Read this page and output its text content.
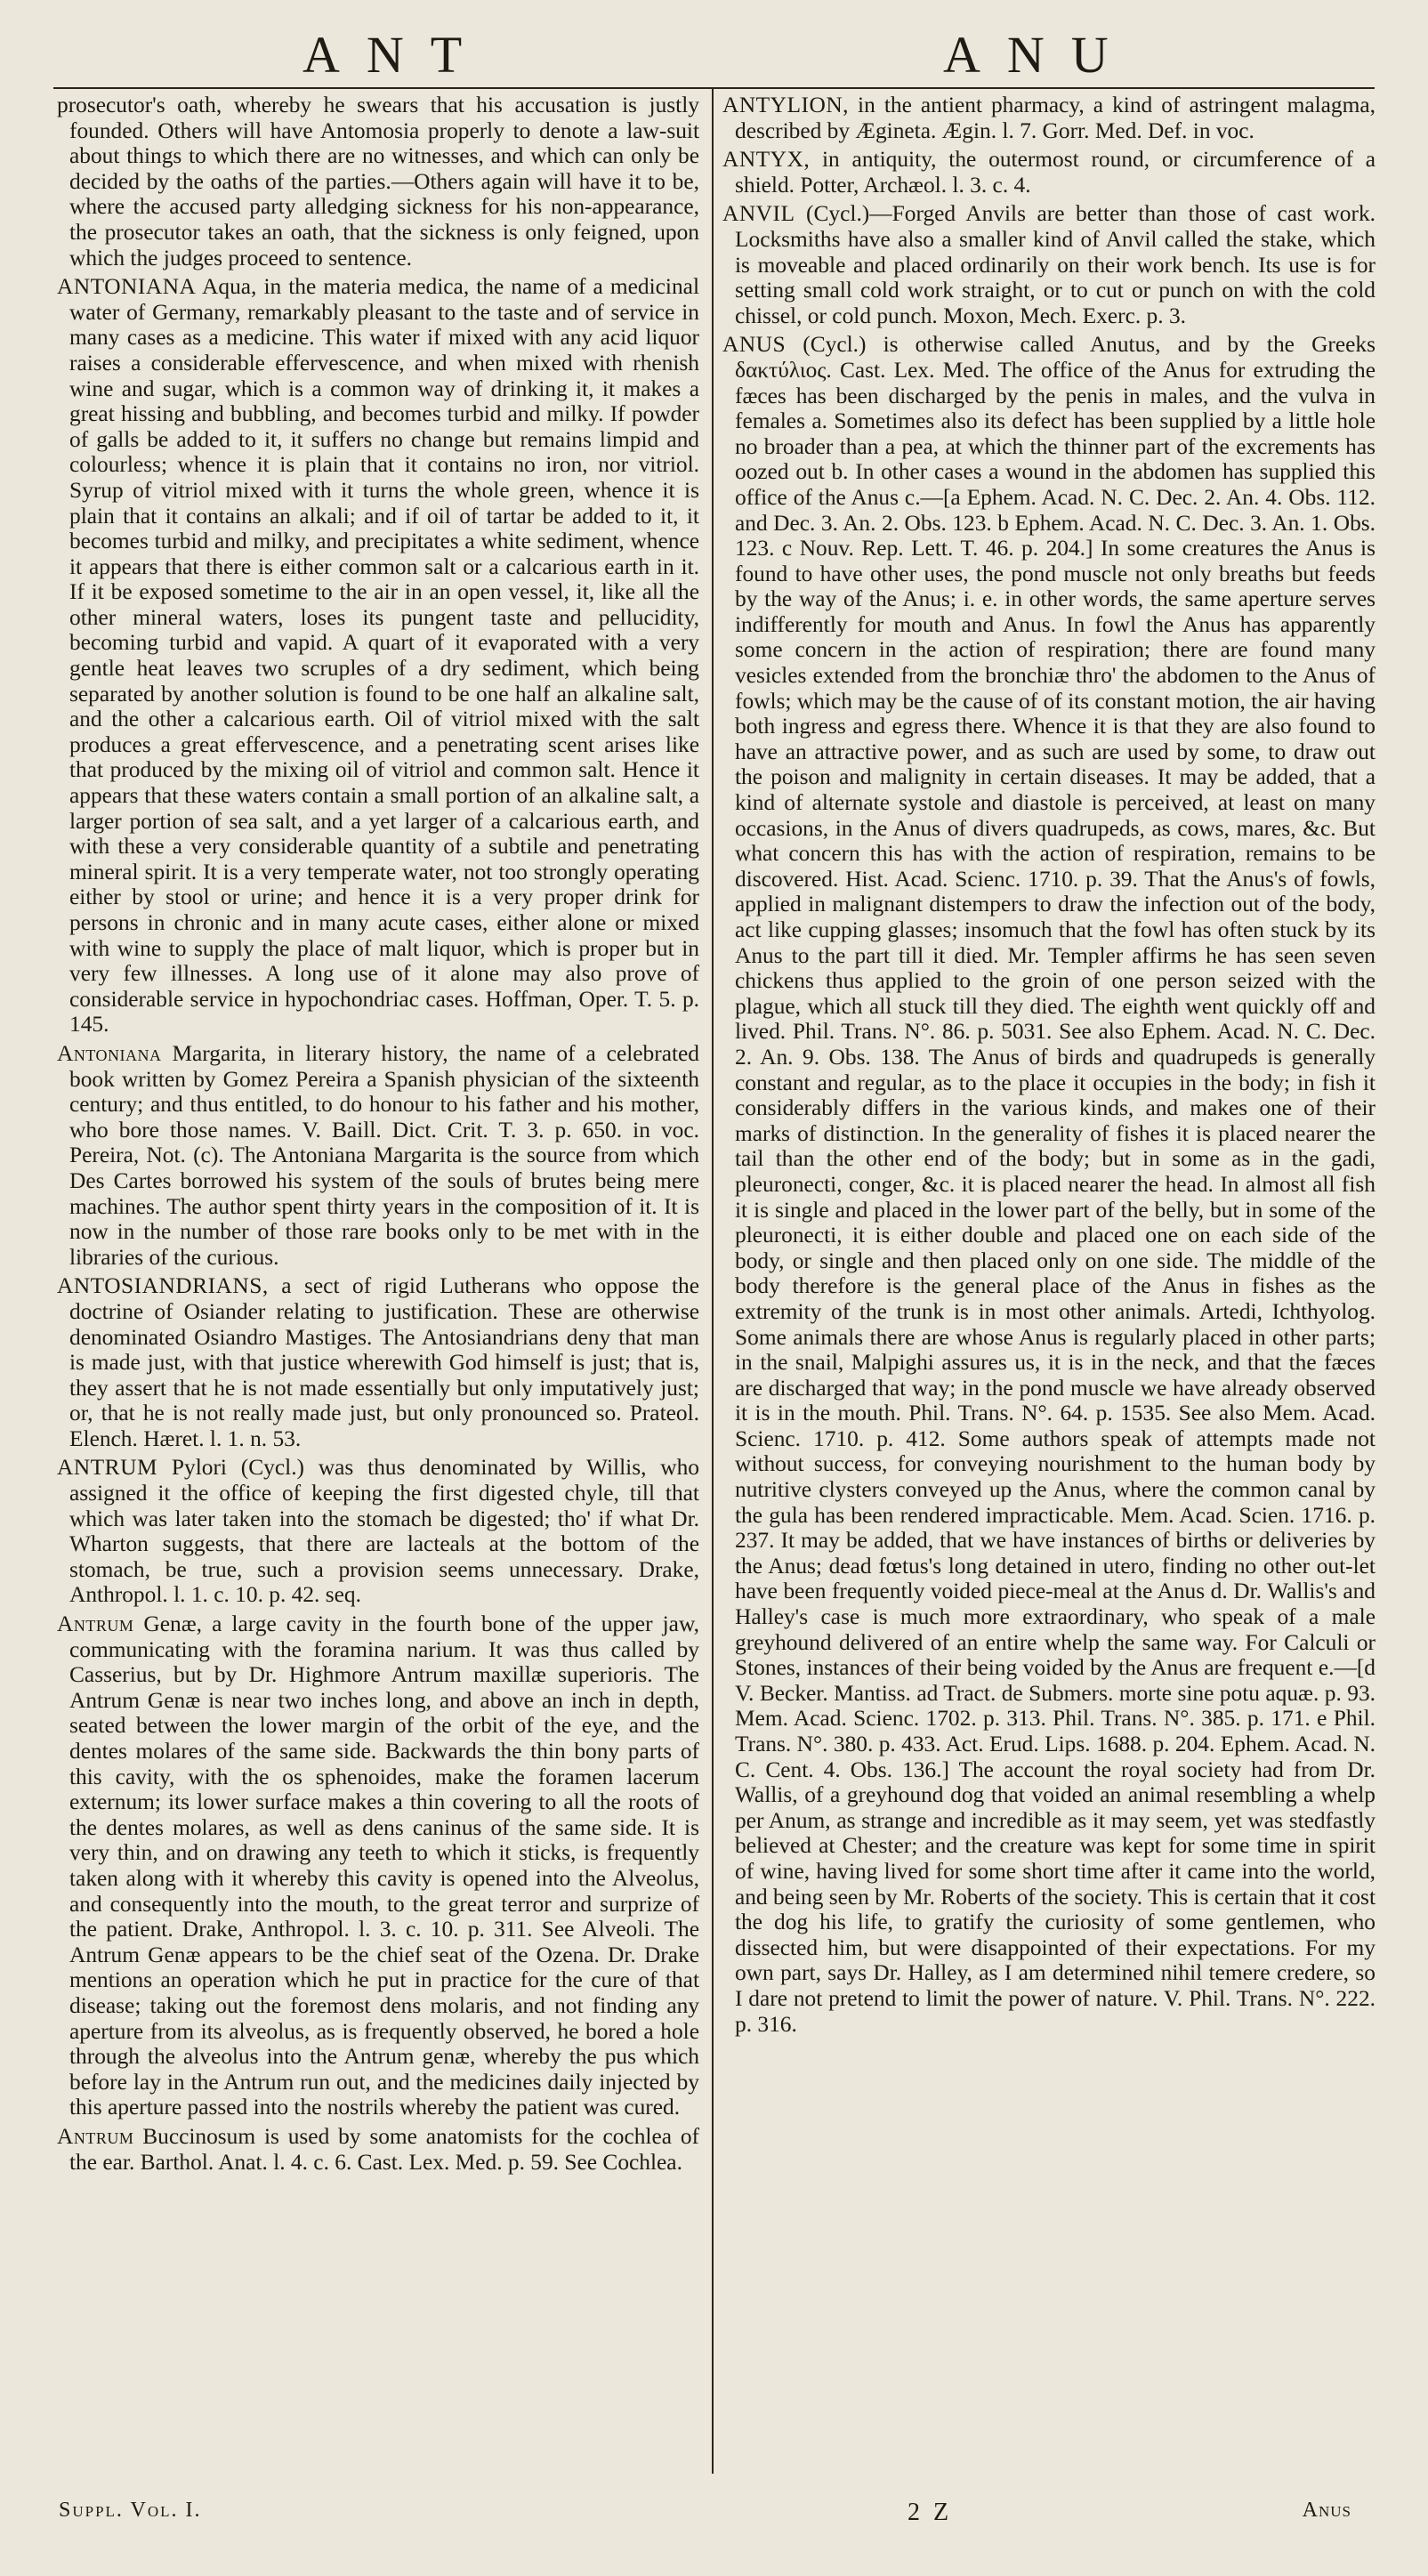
ANT	ANU
prosecutor's oath, whereby he swears that his accusation is justly founded. Others will have Antomosia properly to denote a law-suit about things to which there are no witnesses, and which can only be decided by the oaths of the parties.—Others again will have it to be, where the accused party alledging sickness for his non-appearance, the prosecutor takes an oath, that the sickness is only feigned, upon which the judges proceed to sentence.
ANTONIANA Aqua, in the materia medica, the name of a medicinal water of Germany, remarkably pleasant to the taste and of service in many cases as a medicine. This water if mixed with any acid liquor raises a considerable effervescence, and when mixed with rhenish wine and sugar, which is a common way of drinking it, it makes a great hissing and bubbling, and becomes turbid and milky. If powder of galls be added to it, it suffers no change but remains limpid and colourless; whence it is plain that it contains no iron, nor vitriol. Syrup of vitriol mixed with it turns the whole green, whence it is plain that it contains an alkali; and if oil of tartar be added to it, it becomes turbid and milky, and precipitates a white sediment, whence it appears that there is either common salt or a calcarious earth in it. If it be exposed sometime to the air in an open vessel, it, like all the other mineral waters, loses its pungent taste and pellucidity, becoming turbid and vapid. A quart of it evaporated with a very gentle heat leaves two scruples of a dry sediment, which being separated by another solution is found to be one half an alkaline salt, and the other a calcarious earth. Oil of vitriol mixed with the salt produces a great effervescence, and a penetrating scent arises like that produced by the mixing oil of vitriol and common salt. Hence it appears that these waters contain a small portion of an alkaline salt, a larger portion of sea salt, and a yet larger of a calcarious earth, and with these a very considerable quantity of a subtile and penetrating mineral spirit. It is a very temperate water, not too strongly operating either by stool or urine; and hence it is a very proper drink for persons in chronic and in many acute cases, either alone or mixed with wine to supply the place of malt liquor, which is proper but in very few illnesses. A long use of it alone may also prove of considerable service in hypochondriac cases. Hoffman, Oper. T. 5. p. 145.
Antoniana Margarita, in literary history, the name of a celebrated book written by Gomez Pereira a Spanish physician of the sixteenth century; and thus entitled, to do honour to his father and his mother, who bore those names. V. Baill. Dict. Crit. T. 3. p. 650. in voc. Pereira, Not. (c). The Antoniana Margarita is the source from which Des Cartes borrowed his system of the souls of brutes being mere machines. The author spent thirty years in the composition of it. It is now in the number of those rare books only to be met with in the libraries of the curious.
ANTOSIANDRIANS, a sect of rigid Lutherans who oppose the doctrine of Osiander relating to justification. These are otherwise denominated Osiandro Mastiges. The Antosiandrians deny that man is made just, with that justice wherewith God himself is just; that is, they assert that he is not made essentially but only imputatively just; or, that he is not really made just, but only pronounced so. Prateol. Elench. Hæret. l. 1. n. 53.
ANTRUM Pylori (Cycl.) was thus denominated by Willis, who assigned it the office of keeping the first digested chyle, till that which was later taken into the stomach be digested; tho' if what Dr. Wharton suggests, that there are lacteals at the bottom of the stomach, be true, such a provision seems unnecessary. Drake, Anthropol. l. 1. c. 10. p. 42. seq.
Antrum Genæ, a large cavity in the fourth bone of the upper jaw, communicating with the foramina narium. It was thus called by Casserius, but by Dr. Highmore Antrum maxillæ superioris. The Antrum Genæ is near two inches long, and above an inch in depth, seated between the lower margin of the orbit of the eye, and the dentes molares of the same side. Backwards the thin bony parts of this cavity, with the os sphenoides, make the foramen lacerum externum; its lower surface makes a thin covering to all the roots of the dentes molares, as well as dens caninus of the same side. It is very thin, and on drawing any teeth to which it sticks, is frequently taken along with it whereby this cavity is opened into the Alveolus, and consequently into the mouth, to the great terror and surprize of the patient. Drake, Anthropol. l. 3. c. 10. p. 311. See Alveoli. The Antrum Genæ appears to be the chief seat of the Ozena. Dr. Drake mentions an operation which he put in practice for the cure of that disease; taking out the foremost dens molaris, and not finding any aperture from its alveolus, as is frequently observed, he bored a hole through the alveolus into the Antrum genæ, whereby the pus which before lay in the Antrum run out, and the medicines daily injected by this aperture passed into the nostrils whereby the patient was cured.
Antrum Buccinosum is used by some anatomists for the cochlea of the ear. Barthol. Anat. l. 4. c. 6. Cast. Lex. Med. p. 59. See Cochlea.
ANTYLION, in the antient pharmacy, a kind of astringent malagma, described by Ægineta. Ægin. l. 7. Gorr. Med. Def. in voc.
ANTYX, in antiquity, the outermost round, or circumference of a shield. Potter, Archæol. l. 3. c. 4.
ANVIL (Cycl.)—Forged Anvils are better than those of cast work. Locksmiths have also a smaller kind of Anvil called the stake, which is moveable and placed ordinarily on their work bench. Its use is for setting small cold work straight, or to cut or punch on with the cold chissel, or cold punch. Moxon, Mech. Exerc. p. 3.
ANUS (Cycl.) is otherwise called Anutus, and by the Greeks δακτύλιος. Cast. Lex. Med. The office of the Anus for extruding the fæces has been discharged by the penis in males, and the vulva in females a. Sometimes also its defect has been supplied by a little hole no broader than a pea, at which the thinner part of the excrements has oozed out b. In other cases a wound in the abdomen has supplied this office of the Anus c.—[a Ephem. Acad. N. C. Dec. 2. An. 4. Obs. 112. and Dec. 3. An. 2. Obs. 123. b Ephem. Acad. N. C. Dec. 3. An. 1. Obs. 123. c Nouv. Rep. Lett. T. 46. p. 204.] In some creatures the Anus is found to have other uses, the pond muscle not only breaths but feeds by the way of the Anus; i. e. in other words, the same aperture serves indifferently for mouth and Anus. In fowl the Anus has apparently some concern in the action of respiration; there are found many vesicles extended from the bronchiæ thro' the abdomen to the Anus of fowls; which may be the cause of of its constant motion, the air having both ingress and egress there. Whence it is that they are also found to have an attractive power, and as such are used by some, to draw out the poison and malignity in certain diseases. It may be added, that a kind of alternate systole and diastole is perceived, at least on many occasions, in the Anus of divers quadrupeds, as cows, mares, &c. But what concern this has with the action of respiration, remains to be discovered. Hist. Acad. Scienc. 1710. p. 39. That the Anus's of fowls, applied in malignant distempers to draw the infection out of the body, act like cupping glasses; insomuch that the fowl has often stuck by its Anus to the part till it died. Mr. Templer affirms he has seen seven chickens thus applied to the groin of one person seized with the plague, which all stuck till they died. The eighth went quickly off and lived. Phil. Trans. N°. 86. p. 5031. See also Ephem. Acad. N. C. Dec. 2. An. 9. Obs. 138. The Anus of birds and quadrupeds is generally constant and regular, as to the place it occupies in the body; in fish it considerably differs in the various kinds, and makes one of their marks of distinction. In the generality of fishes it is placed nearer the tail than the other end of the body; but in some as in the gadi, pleuronecti, conger, &c. it is placed nearer the head. In almost all fish it is single and placed in the lower part of the belly, but in some of the pleuronecti, it is either double and placed one on each side of the body, or single and then placed only on one side. The middle of the body therefore is the general place of the Anus in fishes as the extremity of the trunk is in most other animals. Artedi, Ichthyolog. Some animals there are whose Anus is regularly placed in other parts; in the snail, Malpighi assures us, it is in the neck, and that the fæces are discharged that way; in the pond muscle we have already observed it is in the mouth. Phil. Trans. N°. 64. p. 1535. See also Mem. Acad. Scienc. 1710. p. 412. Some authors speak of attempts made not without success, for conveying nourishment to the human body by nutritive clysters conveyed up the Anus, where the common canal by the gula has been rendered impracticable. Mem. Acad. Scien. 1716. p. 237. It may be added, that we have instances of births or deliveries by the Anus; dead fœtus's long detained in utero, finding no other out-let have been frequently voided piece-meal at the Anus d. Dr. Wallis's and Halley's case is much more extraordinary, who speak of a male greyhound delivered of an entire whelp the same way. For Calculi or Stones, instances of their being voided by the Anus are frequent e.—[d V. Becker. Mantiss. ad Tract. de Submers. morte sine potu aquæ. p. 93. Mem. Acad. Scienc. 1702. p. 313. Phil. Trans. N°. 385. p. 171. e Phil. Trans. N°. 380. p. 433. Act. Erud. Lips. 1688. p. 204. Ephem. Acad. N. C. Cent. 4. Obs. 136.] The account the royal society had from Dr. Wallis, of a greyhound dog that voided an animal resembling a whelp per Anum, as strange and incredible as it may seem, yet was stedfastly believed at Chester; and the creature was kept for some time in spirit of wine, having lived for some short time after it came into the world, and being seen by Mr. Roberts of the society. This is certain that it cost the dog his life, to gratify the curiosity of some gentlemen, who dissected him, but were disappointed of their expectations. For my own part, says Dr. Halley, as I am determined nihil temere credere, so I dare not pretend to limit the power of nature. V. Phil. Trans. N°. 222. p. 316.
Suppl. Vol. I.	2 Z	Anus
